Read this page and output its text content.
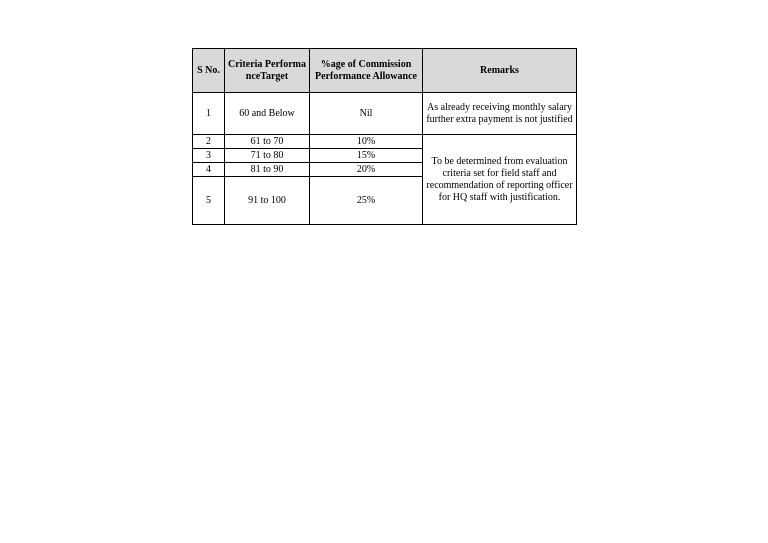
S No.	Criteria PerformanceTarget	%age of Commission Performance Allowance	Remarks
1	60 and Below	Nil	As already receiving monthly salary further extra payment is not justified
2	61 to 70	10%	To be determined from evaluation criteria set for field staff and recommendation of reporting officer for HQ staff with justification.
3	71 to 80	15%	
4	81 to 90	20%	
5	91 to 100	25%	
